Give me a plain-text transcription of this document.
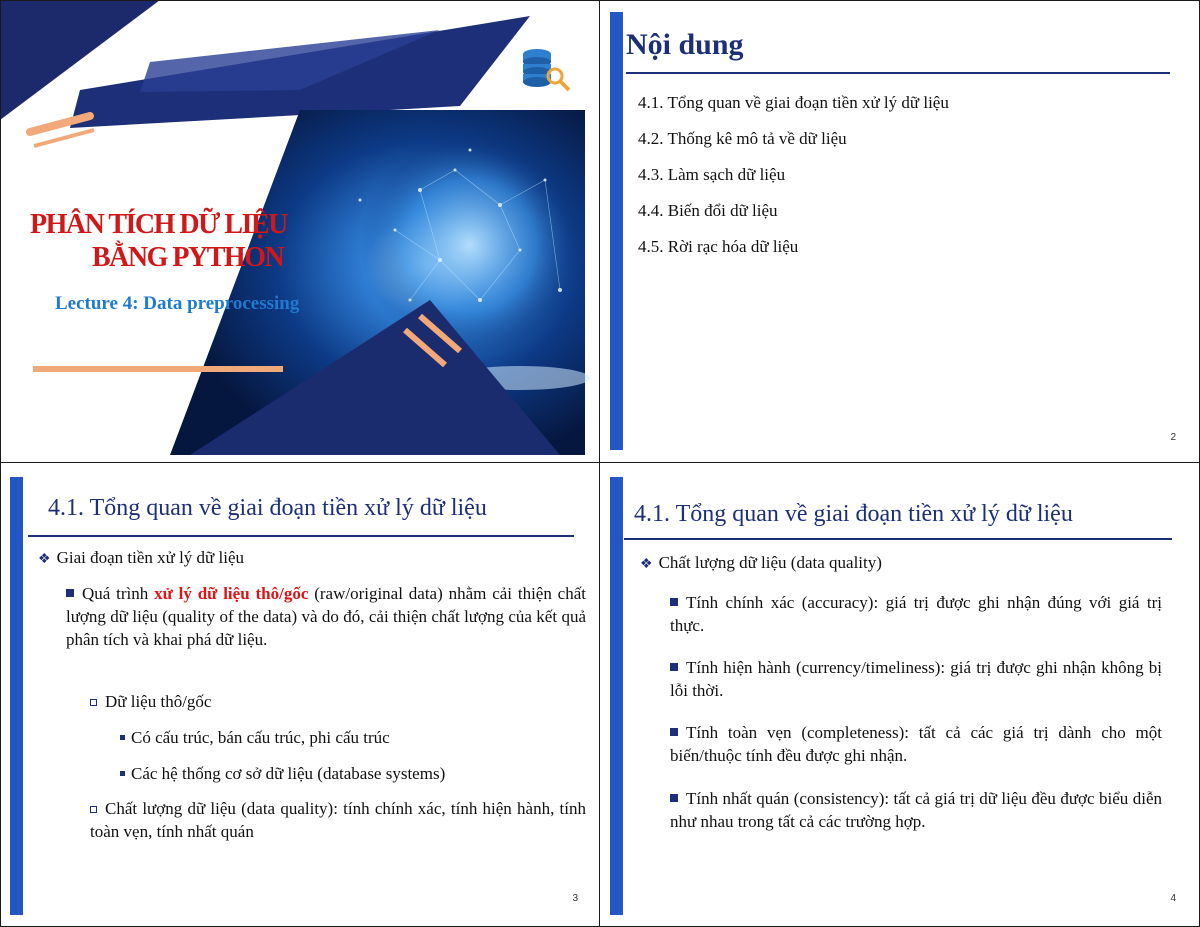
PHÂN TÍCH DỮ LIỆU
BẰNG PYTHON
Lecture 4: Data preprocessing
Nội dung
4.1. Tổng quan về giai đoạn tiền xử lý dữ liệu
4.2. Thống kê mô tả về dữ liệu
4.3. Làm sạch dữ liệu
4.4. Biến đổi dữ liệu
4.5. Rời rạc hóa dữ liệu
2
4.1. Tổng quan về giai đoạn tiền xử lý dữ liệu
❖ Giai đoạn tiền xử lý dữ liệu
Quá trình xử lý dữ liệu thô/gốc (raw/original data) nhằm cải thiện chất lượng dữ liệu (quality of the data) và do đó, cải thiện chất lượng của kết quả phân tích và khai phá dữ liệu.
Dữ liệu thô/gốc
Có cấu trúc, bán cấu trúc, phi cấu trúc
Các hệ thống cơ sở dữ liệu (database systems)
Chất lượng dữ liệu (data quality): tính chính xác, tính hiện hành, tính toàn vẹn, tính nhất quán
3
4.1. Tổng quan về giai đoạn tiền xử lý dữ liệu
❖ Chất lượng dữ liệu (data quality)
Tính chính xác (accuracy): giá trị được ghi nhận đúng với giá trị thực.
Tính hiện hành (currency/timeliness): giá trị được ghi nhận không bị lỗi thời.
Tính toàn vẹn (completeness): tất cả các giá trị dành cho một biến/thuộc tính đều được ghi nhận.
Tính nhất quán (consistency): tất cả giá trị dữ liệu đều được biểu diễn như nhau trong tất cả các trường hợp.
4
